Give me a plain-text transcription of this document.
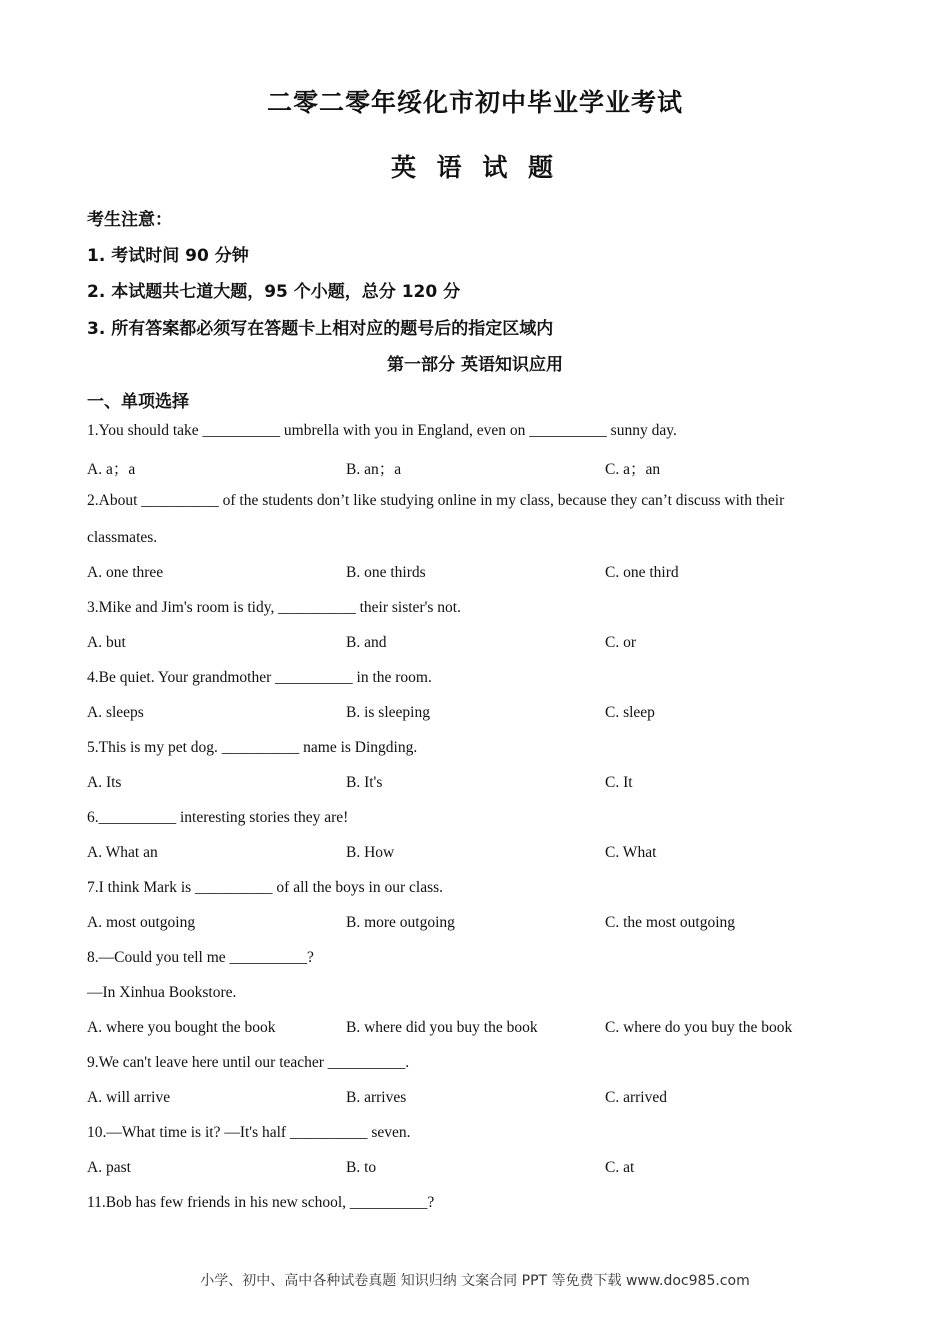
二零二零年绥化市初中毕业学业考试
英 语 试 题
考生注意：
1. 考试时间 90 分钟
2. 本试题共七道大题，95 个小题，总分 120 分
3. 所有答案都必须写在答题卡上相对应的题号后的指定区域内
第一部分 英语知识应用
一、单项选择
1.You should take __________ umbrella with you in England, even on __________ sunny day.
A. a；a	B. an；a	C. a；an
2.About __________ of the students don’t like studying online in my class, because they can’t discuss with their
classmates.
A. one three	B. one thirds	C. one third
3.Mike and Jim's room is tidy, __________ their sister's not.
A. but	B. and	C. or
4.Be quiet. Your grandmother __________ in the room.
A. sleeps	B. is sleeping	C. sleep
5.This is my pet dog. __________ name is Dingding.
A. Its	B. It's	C. It
6.__________ interesting stories they are!
A. What an	B. How	C. What
7.I think Mark is __________ of all the boys in our class.
A. most outgoing	B. more outgoing	C. the most outgoing
8.—Could you tell me __________?
—In Xinhua Bookstore.
A. where you bought the book	B. where did you buy the book	C. where do you buy the book
9.We can't leave here until our teacher __________.
A. will arrive	B. arrives	C. arrived
10.—What time is it? —It's half __________ seven.
A. past	B. to	C. at
11.Bob has few friends in his new school, __________?
小学、初中、高中各种试卷真题 知识归纳 文案合同 PPT 等免费下载 www.doc985.com
